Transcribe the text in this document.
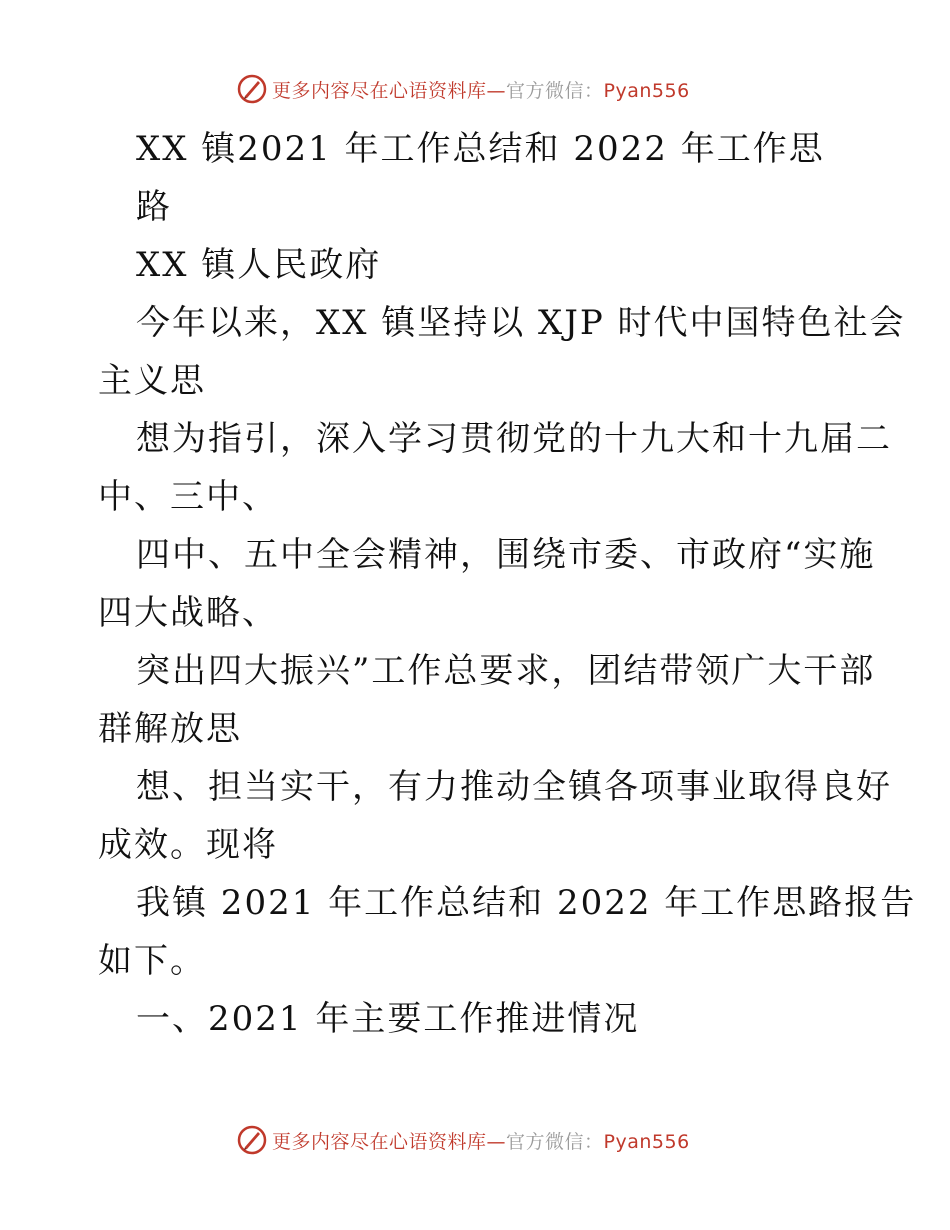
更多内容尽在心语资料库—官方微信：Pyan556
XX 镇2021 年工作总结和 2022 年工作思
路
XX 镇人民政府
今年以来，XX 镇坚持以 XJP 时代中国特色社会
主义思
想为指引，深入学习贯彻党的十九大和十九届二
中、三中、
四中、五中全会精神，围绕市委、市政府“实施
四大战略、
突出四大振兴”工作总要求，团结带领广大干部
群解放思
想、担当实干，有力推动全镇各项事业取得良好
成效。现将
我镇 2021 年工作总结和 2022 年工作思路报告
如下。
一、2021 年主要工作推进情况
更多内容尽在心语资料库—官方微信：Pyan556
